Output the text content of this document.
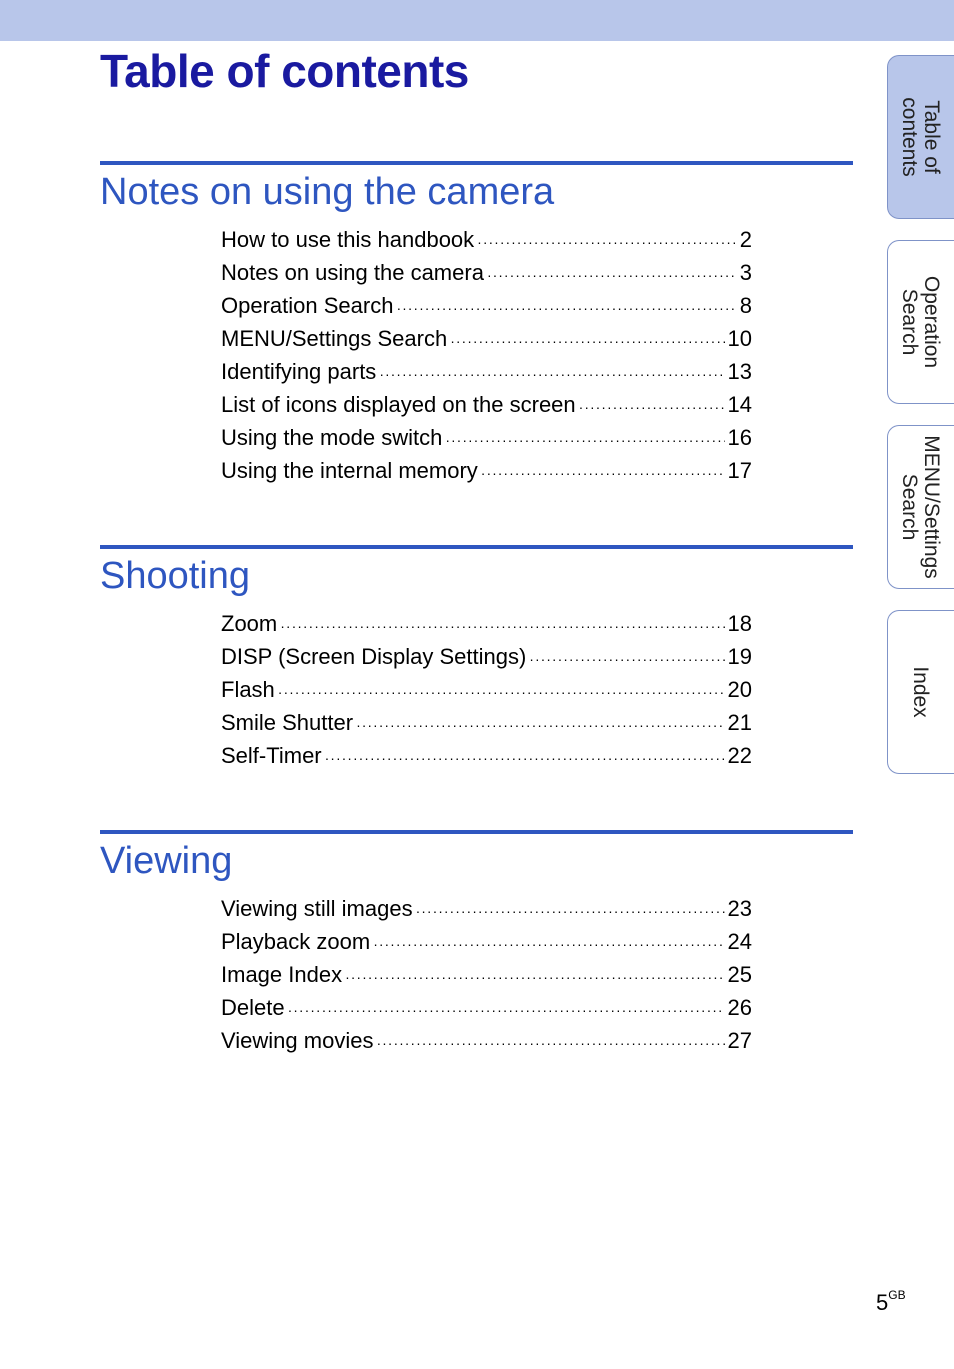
Table of contents
Notes on using the camera
How to use this handbook ·····	2
Notes on using the camera ·····	3
Operation Search ·····	8
MENU/Settings Search ·····	10
Identifying parts ·····	13
List of icons displayed on the screen ·····	14
Using the mode switch ·····	16
Using the internal memory ·····	17
Shooting
Zoom ·····	18
DISP (Screen Display Settings) ·····	19
Flash ·····	20
Smile Shutter ·····	21
Self-Timer ·····	22
Viewing
Viewing still images ·····	23
Playback zoom ·····	24
Image Index ·····	25
Delete ·····	26
Viewing movies ·····	27
Table of
contents
Operation
Search
MENU/Settings
Search
Index
$5^{GB}$
